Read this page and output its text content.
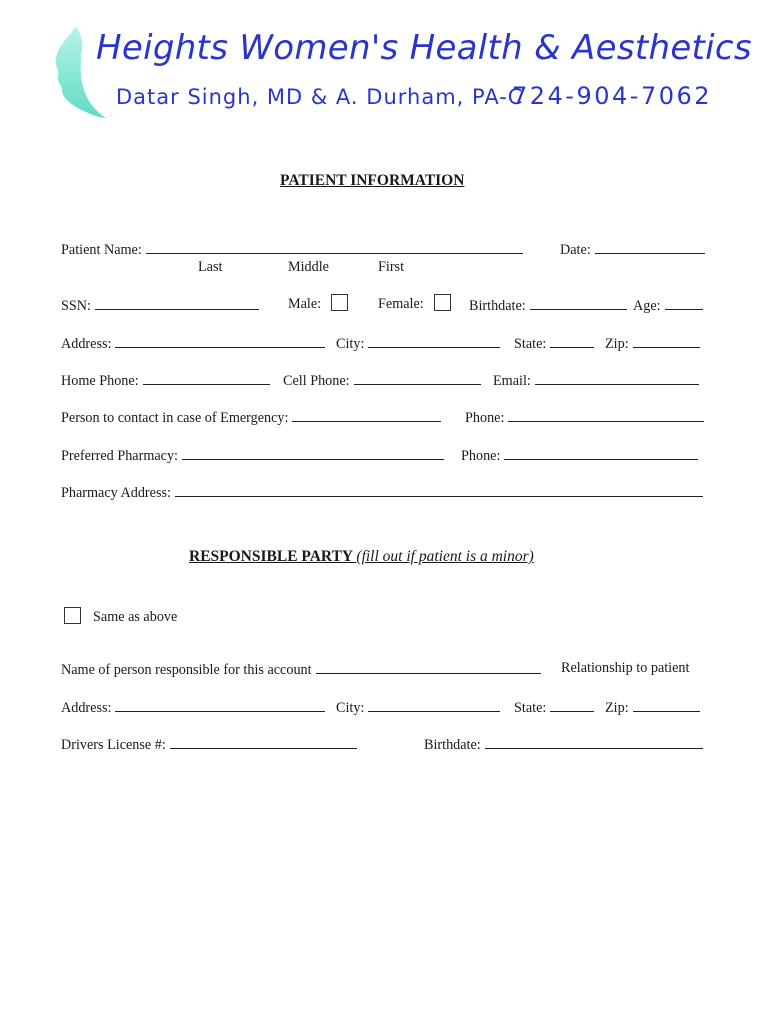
Heights Women's Health & Aesthetics
Datar Singh, MD & A. Durham, PA-C
724-904-7062
PATIENT INFORMATION
Patient Name:	Date:
Last	Middle	First
SSN:	Male:	Female:	Birthdate:	Age:
Address:	City:	State:	Zip:
Home Phone:	Cell Phone:	Email:
Person to contact in case of Emergency:	Phone:
Preferred Pharmacy:	Phone:
Pharmacy Address:
RESPONSIBLE PARTY (fill out if patient is a minor)
Same as above
Name of person responsible for this account	Relationship to patient
Address:	City:	State:	Zip:
Drivers License #:	Birthdate:
